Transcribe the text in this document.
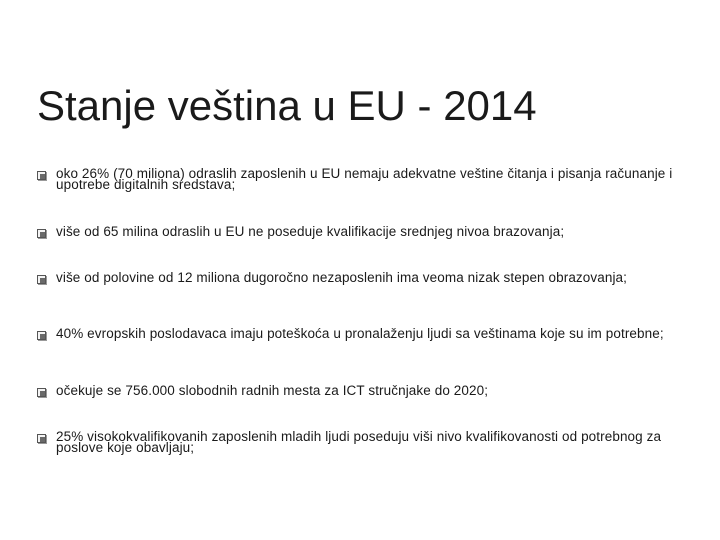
Stanje veština u EU - 2014
oko 26% (70 miliona) odraslih zaposlenih u EU nemaju adekvatne veštine čitanja i pisanja računanje i upotrebe digitalnih sredstava;
više od 65 milina odraslih u EU ne poseduje kvalifikacije srednjeg nivoa brazovanja;
više od polovine od 12 miliona dugoročno nezaposlenih ima veoma nizak stepen obrazovanja;
40% evropskih poslodavaca imaju poteškoća u pronalaženju ljudi sa veštinama koje su im potrebne;
očekuje se 756.000 slobodnih radnih mesta za ICT stručnjake do 2020;
25% visokokvalifikovanih zaposlenih mladih ljudi poseduju viši nivo kvalifikovanosti od potrebnog za poslove koje obavljaju;
